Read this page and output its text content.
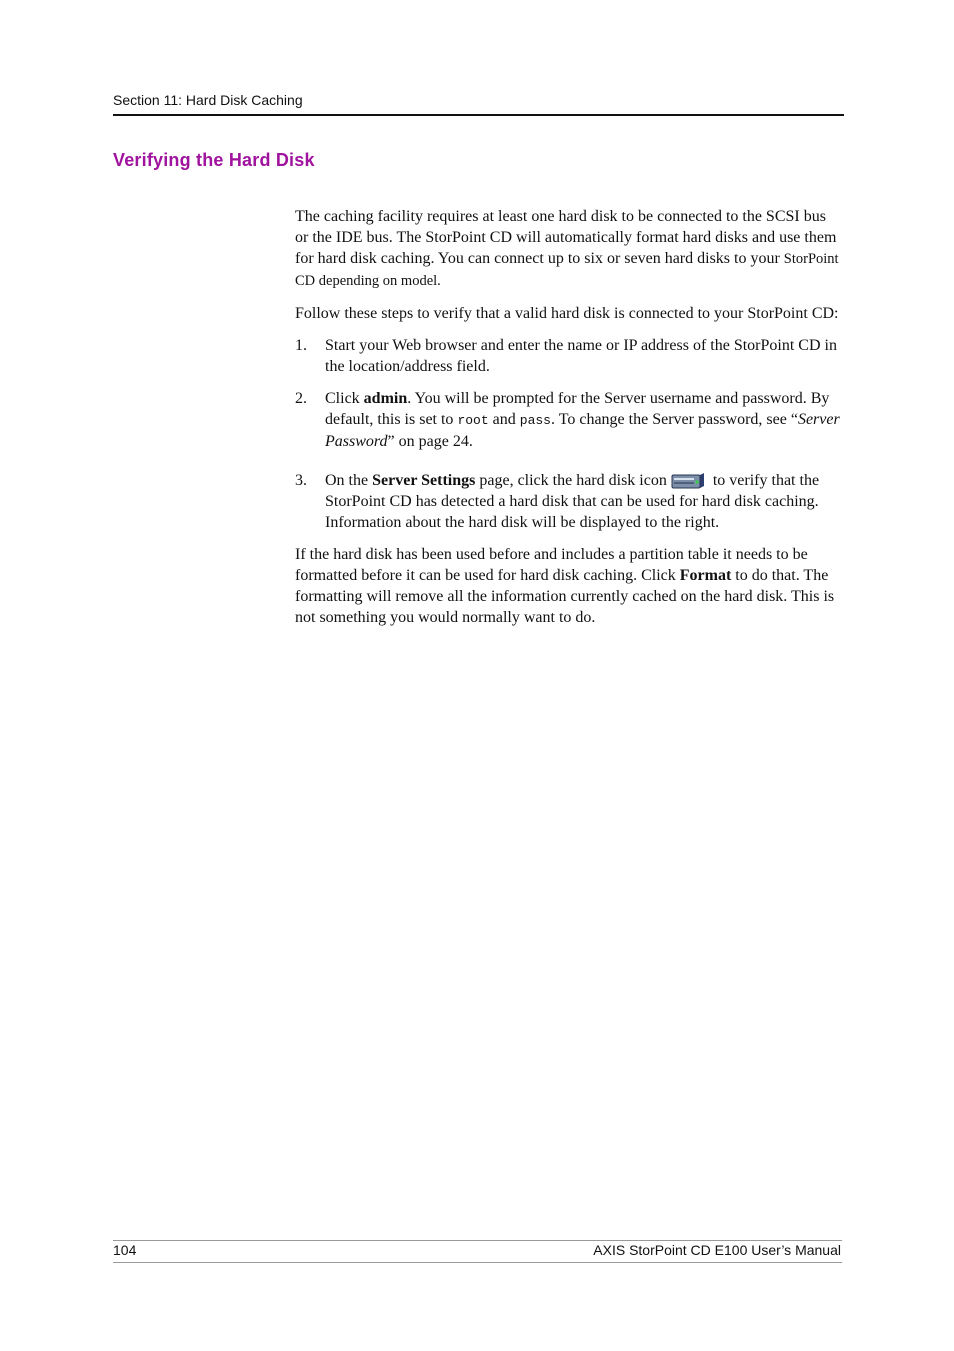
Section 11: Hard Disk Caching
Verifying the Hard Disk

The caching facility requires at least one hard disk to be connected to the SCSI bus or the IDE bus. The StorPoint CD will automatically format hard disks and use them for hard disk caching. You can connect up to six or seven hard disks to your StorPoint CD depending on model.

Follow these steps to verify that a valid hard disk is connected to your StorPoint CD:

1. Start your Web browser and enter the name or IP address of the StorPoint CD in the location/address field.
2. Click admin. You will be prompted for the Server username and password. By default, this is set to root and pass. To change the Server password, see “Server Password” on page 24.
3. On the Server Settings page, click the hard disk icon	to verify that the StorPoint CD has detected a hard disk that can be used for hard disk caching. Information about the hard disk will be displayed to the right.

If the hard disk has been used before and includes a partition table it needs to be formatted before it can be used for hard disk caching. Click Format to do that. The formatting will remove all the information currently cached on the hard disk. This is not something you would normally want to do.

104	AXIS StorPoint CD E100 User’s Manual
